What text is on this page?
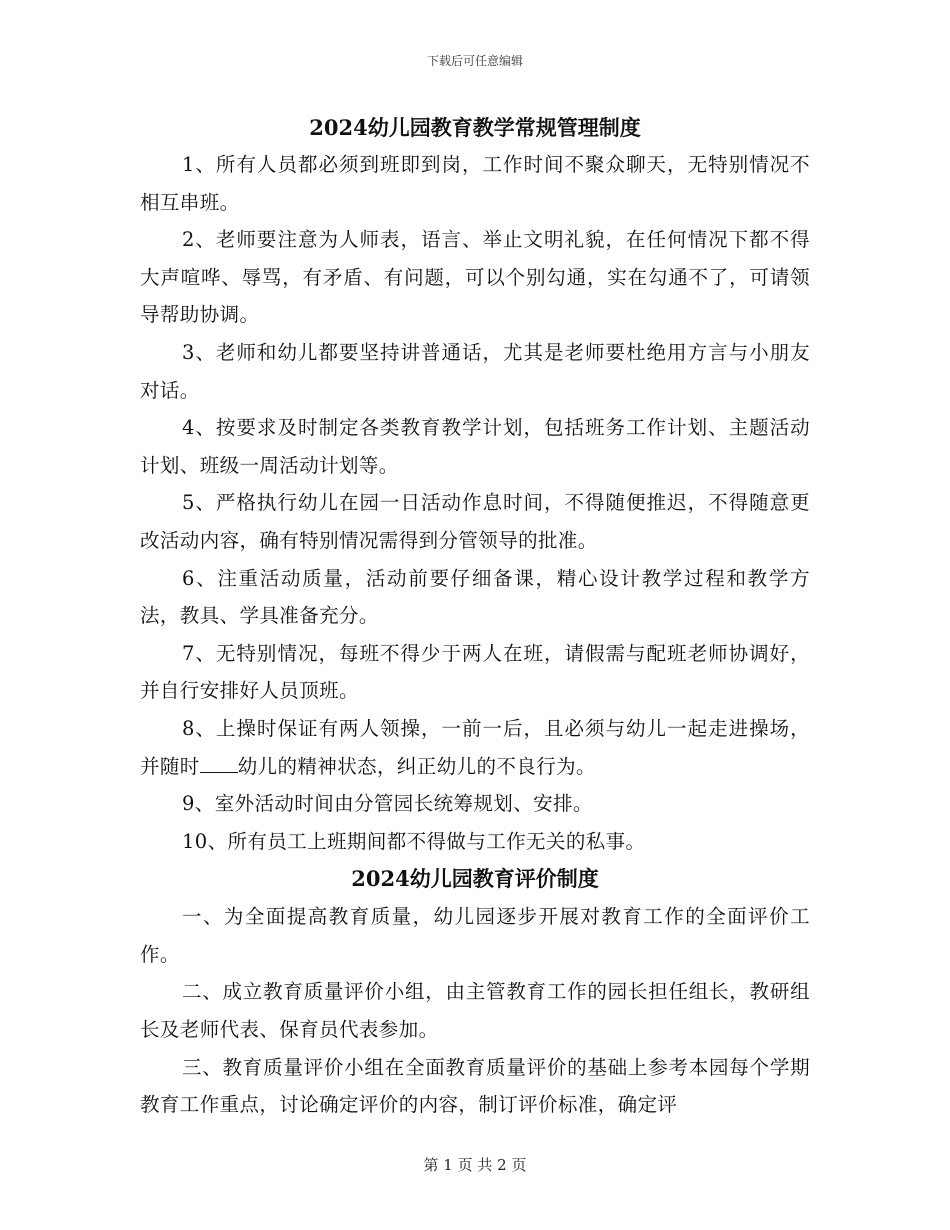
下载后可任意编辑
2024幼儿园教育教学常规管理制度

1、所有人员都必须到班即到岗，工作时间不聚众聊天，无特别情况不相互串班。

2、老师要注意为人师表，语言、举止文明礼貌，在任何情况下都不得大声喧哗、辱骂，有矛盾、有问题，可以个别勾通，实在勾通不了，可请领导帮助协调。

3、老师和幼儿都要坚持讲普通话，尤其是老师要杜绝用方言与小朋友对话。

4、按要求及时制定各类教育教学计划，包括班务工作计划、主题活动计划、班级一周活动计划等。

5、严格执行幼儿在园一日活动作息时间，不得随便推迟，不得随意更改活动内容，确有特别情况需得到分管领导的批准。

6、注重活动质量，活动前要仔细备课，精心设计教学过程和教学方法，教具、学具准备充分。

7、无特别情况，每班不得少于两人在班，请假需与配班老师协调好，并自行安排好人员顶班。

8、上操时保证有两人领操，一前一后，且必须与幼儿一起走进操场，并随时 幼儿的精神状态，纠正幼儿的不良行为。

9、室外活动时间由分管园长统筹规划、安排。

10、所有员工上班期间都不得做与工作无关的私事。

2024幼儿园教育评价制度

一、为全面提高教育质量，幼儿园逐步开展对教育工作的全面评价工作。

二、成立教育质量评价小组，由主管教育工作的园长担任组长，教研组长及老师代表、保育员代表参加。

三、教育质量评价小组在全面教育质量评价的基础上参考本园每个学期教育工作重点，讨论确定评价的内容，制订评价标准，确定评

第 1 页 共 2 页
